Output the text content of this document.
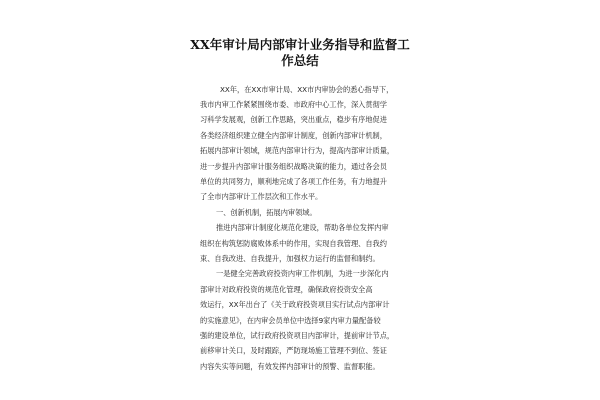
XX年审计局内部审计业务指导和监督工
作总结
XX年，在XX市审计局、XX市内审协会的悉心指导下，
我市内审工作紧紧围绕市委、市政府中心工作，深入贯彻学
习科学发展观，创新工作思路，突出重点，稳步有序地促进
各类经济组织建立健全内部审计制度，创新内部审计机制，
拓展内部审计领域，规范内部审计行为，提高内部审计质量，
进一步提升内部审计服务组织战略决策的能力，通过各会员
单位的共同努力，顺利地完成了各项工作任务，有力地提升
了全市内部审计工作层次和工作水平。
一、创新机制，拓展内审领域。
推进内部审计制度化规范化建设，帮助各单位发挥内审
组织在构筑惩防腐败体系中的作用，实现自我管理、自我约
束、自我改进、自我提升，加强权力运行的监督和制约。
一是健全完善政府投资内审工作机制，为进一步深化内
部审计对政府投资的规范化管理，确保政府投资安全高
效运行，XX年出台了《关于政府投资项目实行试点内部审计
的实施意见》，在内审会员单位中选择9家内审力量配备较
强的建设单位，试行政府投资项目内部审计，提前审计节点，
前移审计关口，及时跟踪，严防现场施工管理不到位、签证
内容失实等问题，有效发挥内部审计的预警、监督职能。
